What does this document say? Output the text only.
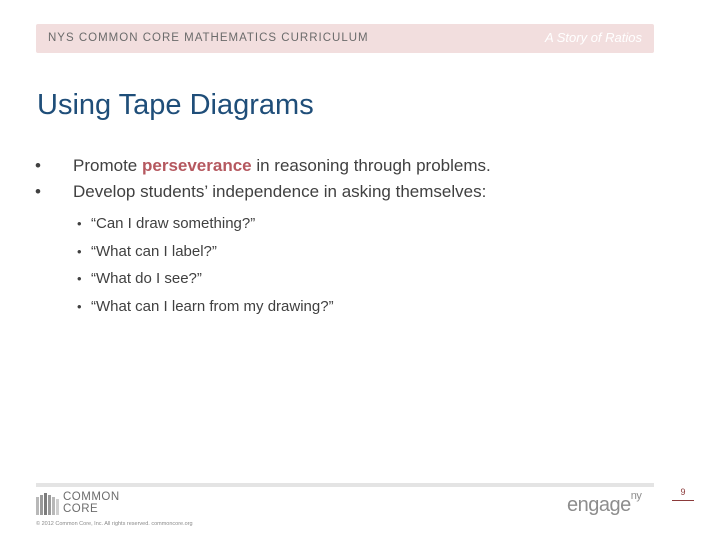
NYS COMMON CORE MATHEMATICS CURRICULUM	A Story of Ratios
Using Tape Diagrams
• Promote perseverance in reasoning through problems.
• Develop students’ independence in asking themselves:
• “Can I draw something?”
• “What can I label?”
• “What do I see?”
• “What can I learn from my drawing?”
COMMON
CORE
© 2012 Common Core, Inc. All rights reserved. commoncore.org
engage$^{ny}$	9
